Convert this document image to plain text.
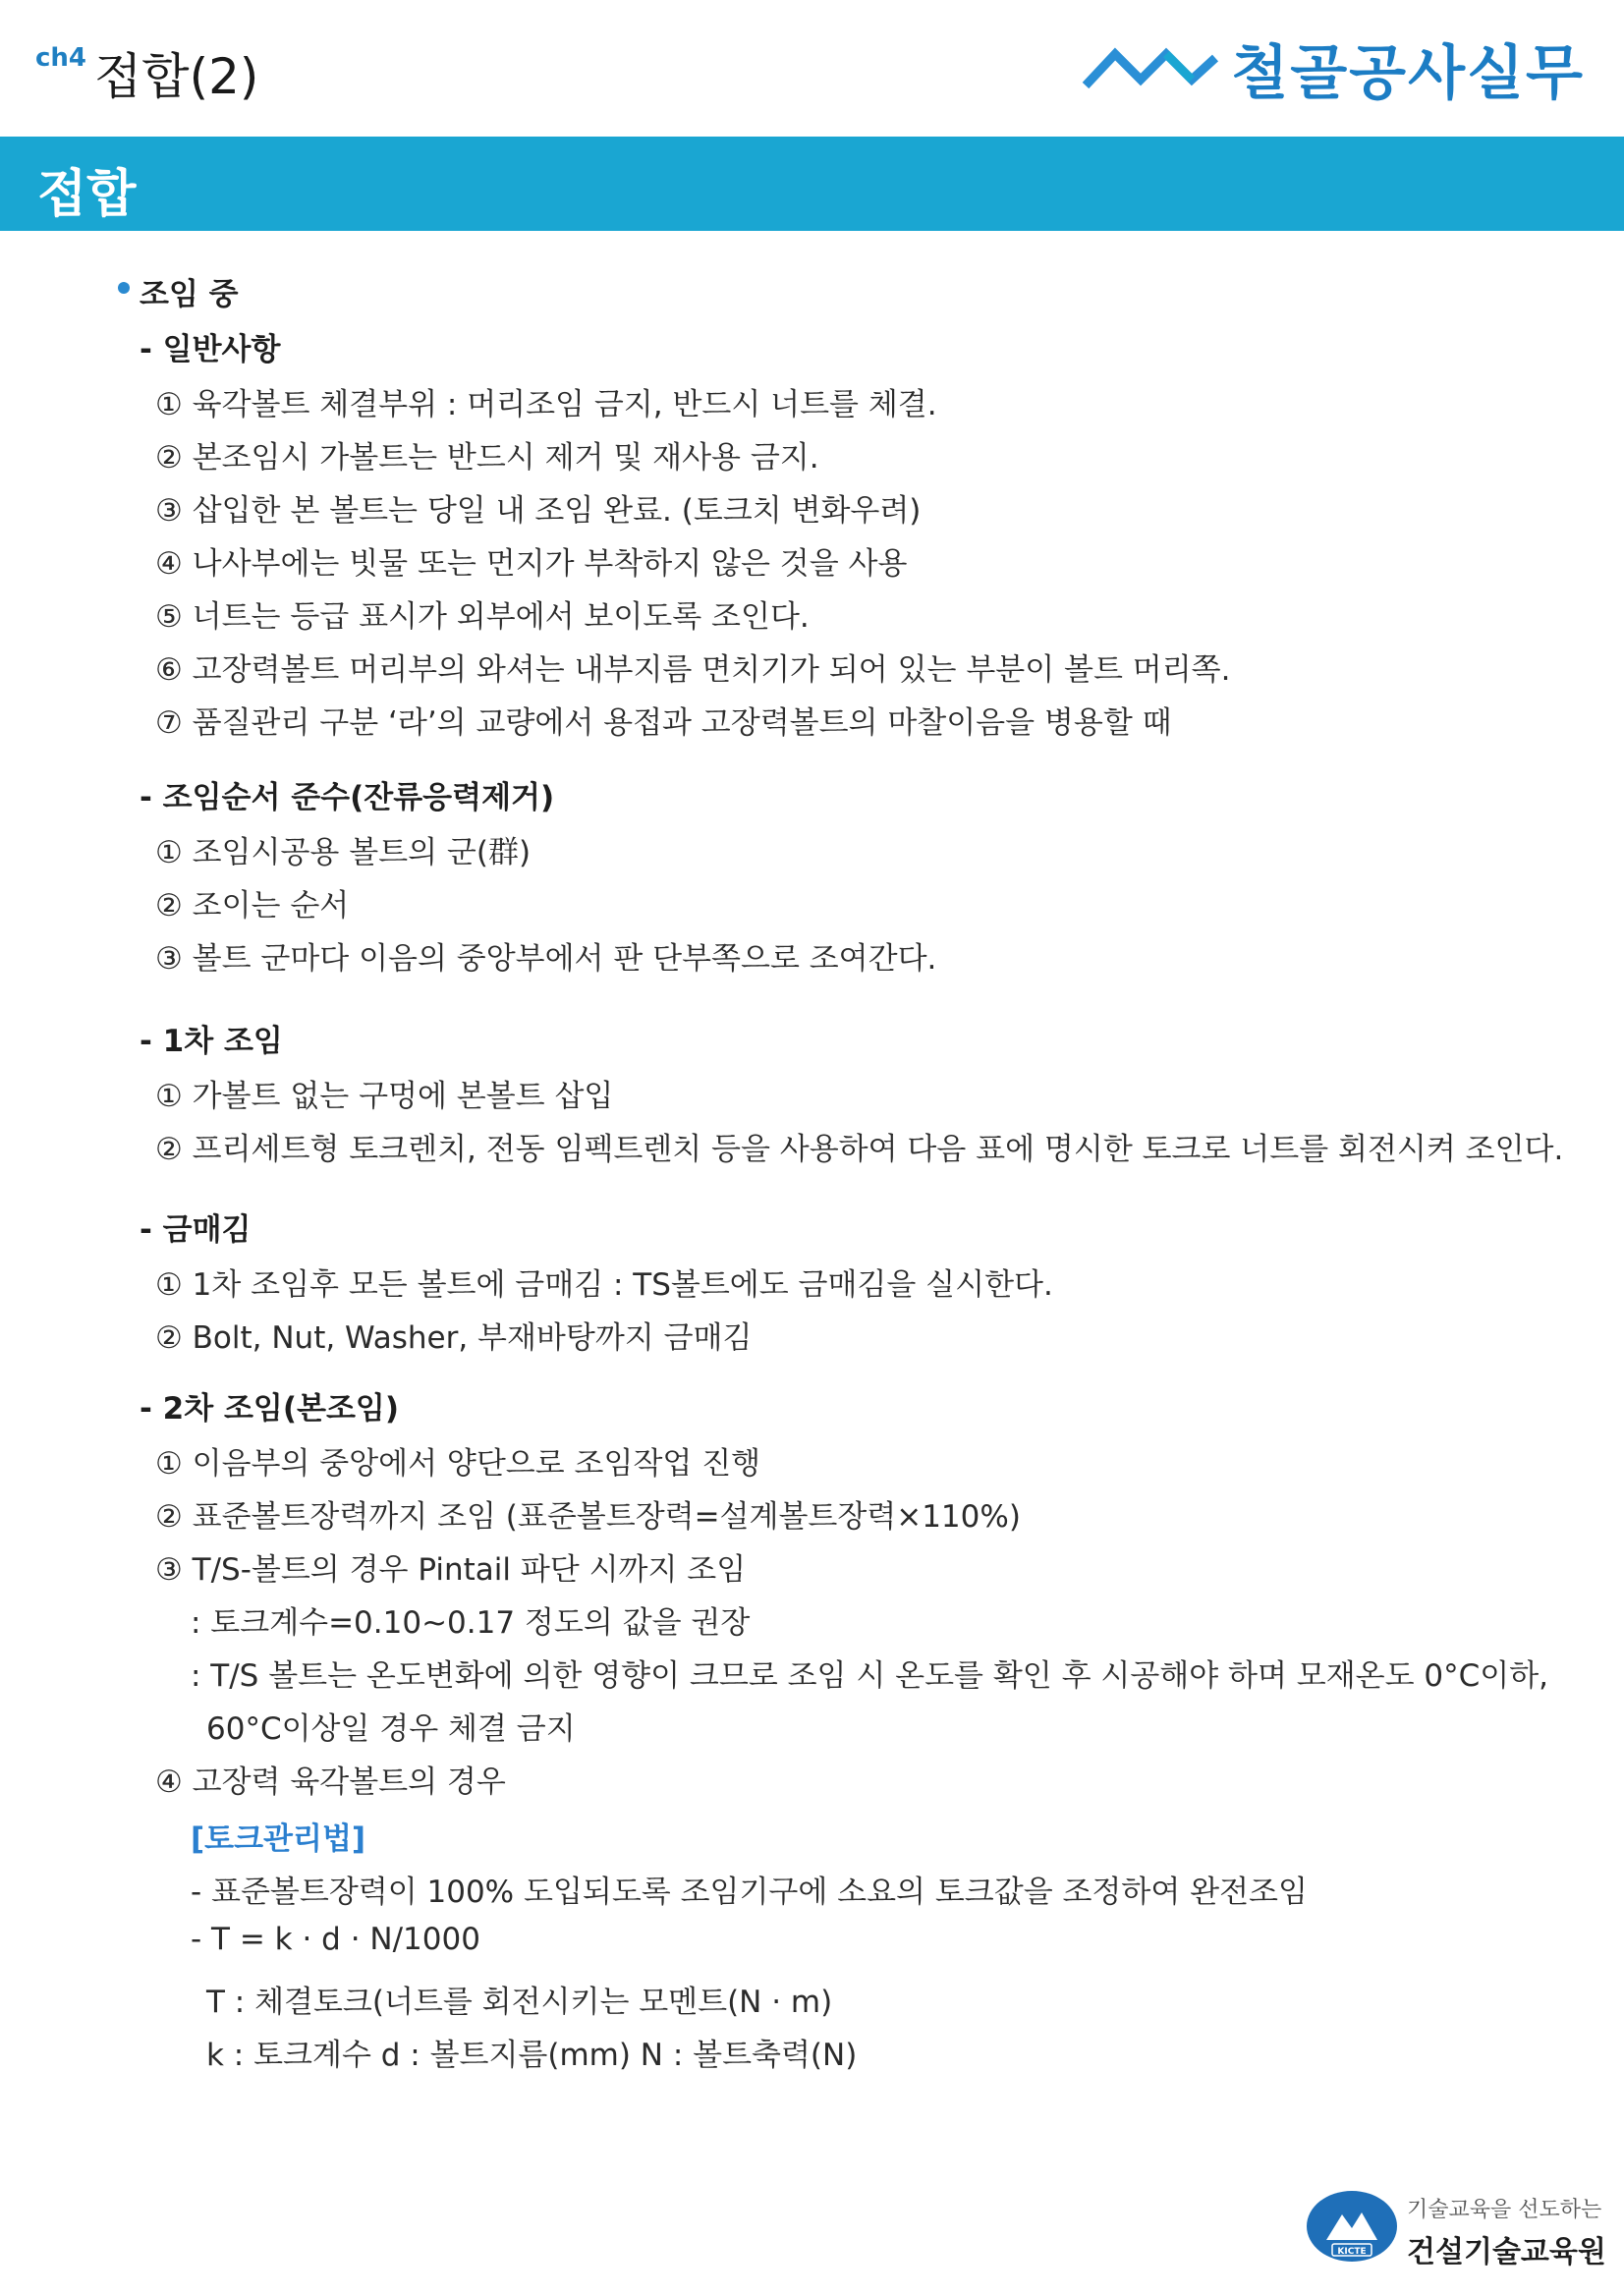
ch4 접합(2)	철골공사실무
접합
조임 중
- 일반사항
① 육각볼트 체결부위 : 머리조임 금지, 반드시 너트를 체결.
② 본조임시 가볼트는 반드시 제거 및 재사용 금지.
③ 삽입한 본 볼트는 당일 내 조임 완료. (토크치 변화우려)
④ 나사부에는 빗물 또는 먼지가 부착하지 않은 것을 사용
⑤ 너트는 등급 표시가 외부에서 보이도록 조인다.
⑥ 고장력볼트 머리부의 와셔는 내부지름 면치기가 되어 있는 부분이 볼트 머리쪽.
⑦ 품질관리 구분 ‘라’의 교량에서 용접과 고장력볼트의 마찰이음을 병용할 때
- 조임순서 준수(잔류응력제거)
① 조임시공용 볼트의 군(群)
② 조이는 순서
③ 볼트 군마다 이음의 중앙부에서 판 단부쪽으로 조여간다.
- 1차 조임
① 가볼트 없는 구멍에 본볼트 삽입
② 프리세트형 토크렌치, 전동 임펙트렌치 등을 사용하여 다음 표에 명시한 토크로 너트를 회전시켜 조인다.
- 금매김
① 1차 조임후 모든 볼트에 금매김 : TS볼트에도 금매김을 실시한다.
② Bolt, Nut, Washer, 부재바탕까지 금매김
- 2차 조임(본조임)
① 이음부의 중앙에서 양단으로 조임작업 진행
② 표준볼트장력까지 조임 (표준볼트장력=설계볼트장력×110%)
③ T/S-볼트의 경우 Pintail 파단 시까지 조임
: 토크계수=0.10~0.17 정도의 값을 권장
: T/S 볼트는 온도변화에 의한 영향이 크므로 조임 시 온도를 확인 후 시공해야 하며 모재온도 0°C이하,
60°C이상일 경우 체결 금지
④ 고장력 육각볼트의 경우
[토크관리법]
- 표준볼트장력이 100% 도입되도록 조임기구에 소요의 토크값을 조정하여 완전조임
- T = k · d · N/1000
T : 체결토크(너트를 회전시키는 모멘트(N · m)
k : 토크계수 d : 볼트지름(mm) N : 볼트축력(N)
KICTE
기술교육을 선도하는
건설기술교육원
